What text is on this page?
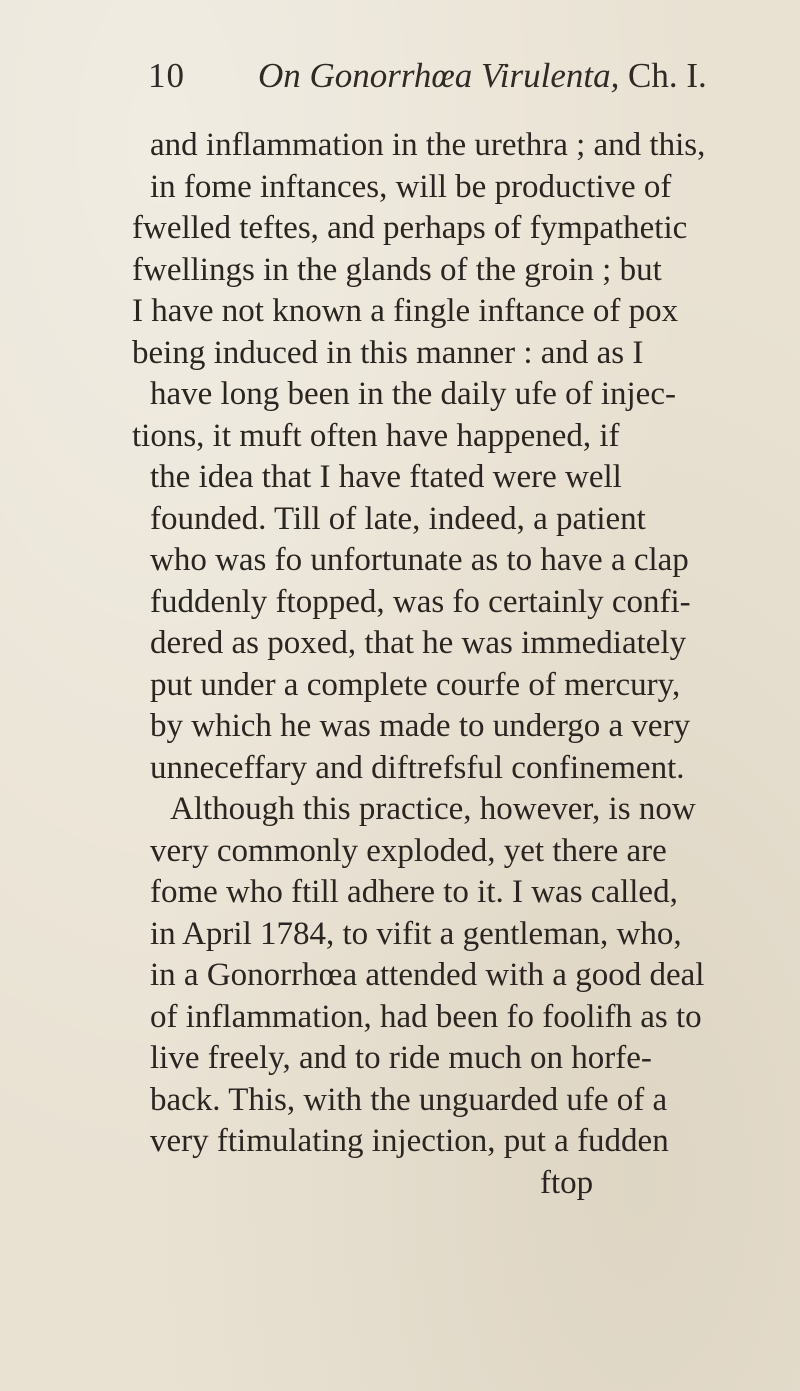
10 On Gonorrhœa Virulenta, Ch. I.
and inflammation in the urethra ; and this,
in fome inftances, will be productive of
fwelled teftes, and perhaps of fympathetic
fwellings in the glands of the groin ; but
I have not known a fingle inftance of pox
being induced in this manner : and as I
have long been in the daily ufe of injec-
tions, it muft often have happened, if
the idea that I have ftated were well
founded. Till of late, indeed, a patient
who was fo unfortunate as to have a clap
fuddenly ftopped, was fo certainly confi-
dered as poxed, that he was immediately
put under a complete courfe of mercury,
by which he was made to undergo a very
unneceffary and diftrefsful confinement.
Although this practice, however, is now
very commonly exploded, yet there are
fome who ftill adhere to it. I was called,
in April 1784, to vifit a gentleman, who,
in a Gonorrhœa attended with a good deal
of inflammation, had been fo foolifh as to
live freely, and to ride much on horfe-
back. This, with the unguarded ufe of a
very ftimulating injection, put a fudden
ftop
